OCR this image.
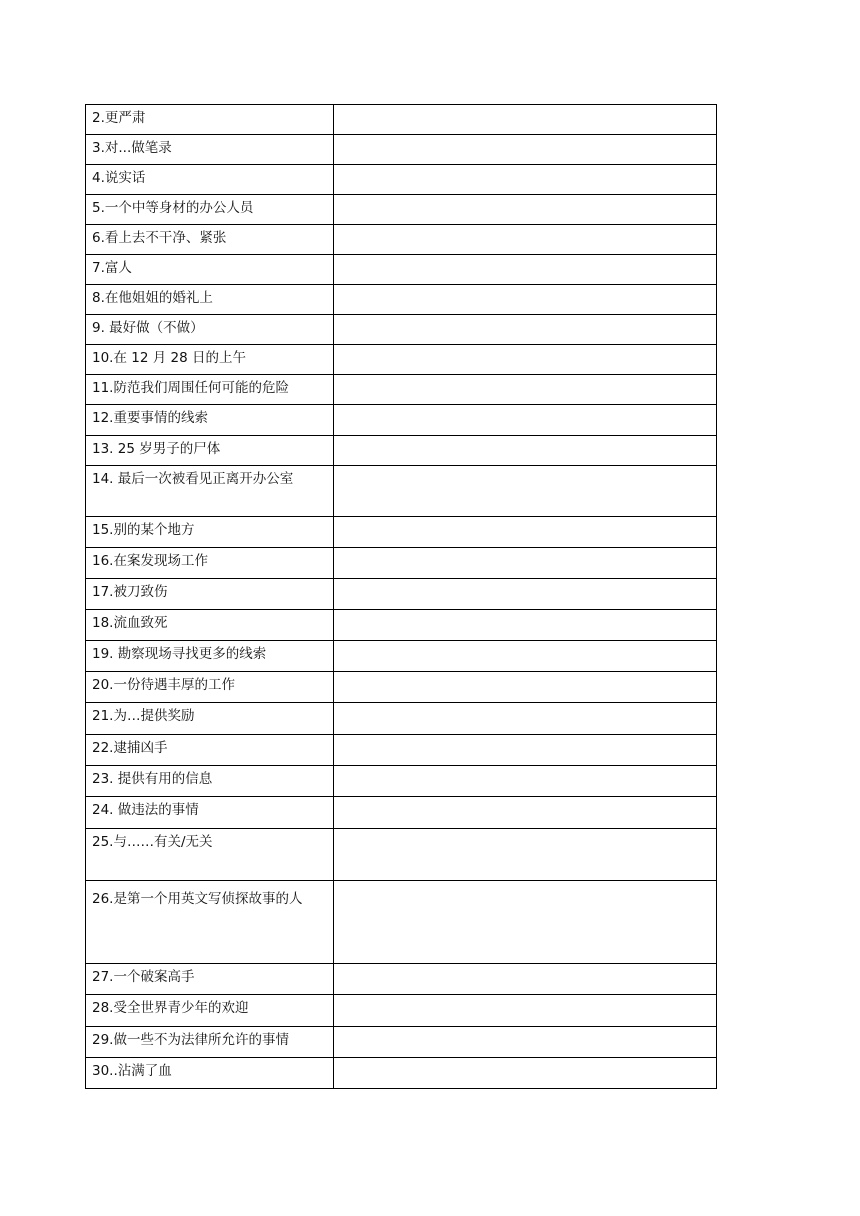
2.更严肃	
3.对...做笔录	
4.说实话	
5.一个中等身材的办公人员	
6.看上去不干净、紧张	
7.富人	
8.在他姐姐的婚礼上	
9. 最好做（不做）	
10.在 12 月 28 日的上午	
11.防范我们周围任何可能的危险	
12.重要事情的线索	
13. 25 岁男子的尸体	
14. 最后一次被看见正离开办公室	
15.别的某个地方	
16.在案发现场工作	
17.被刀致伤	
18.流血致死	
19. 勘察现场寻找更多的线索	
20.一份待遇丰厚的工作	
21.为…提供奖励	
22.逮捕凶手	
23. 提供有用的信息	
24. 做违法的事情	
25.与……有关/无关	
26.是第一个用英文写侦探故事的人	
27.一个破案高手	
28.受全世界青少年的欢迎	
29.做一些不为法律所允许的事情	
30..沾满了血	
